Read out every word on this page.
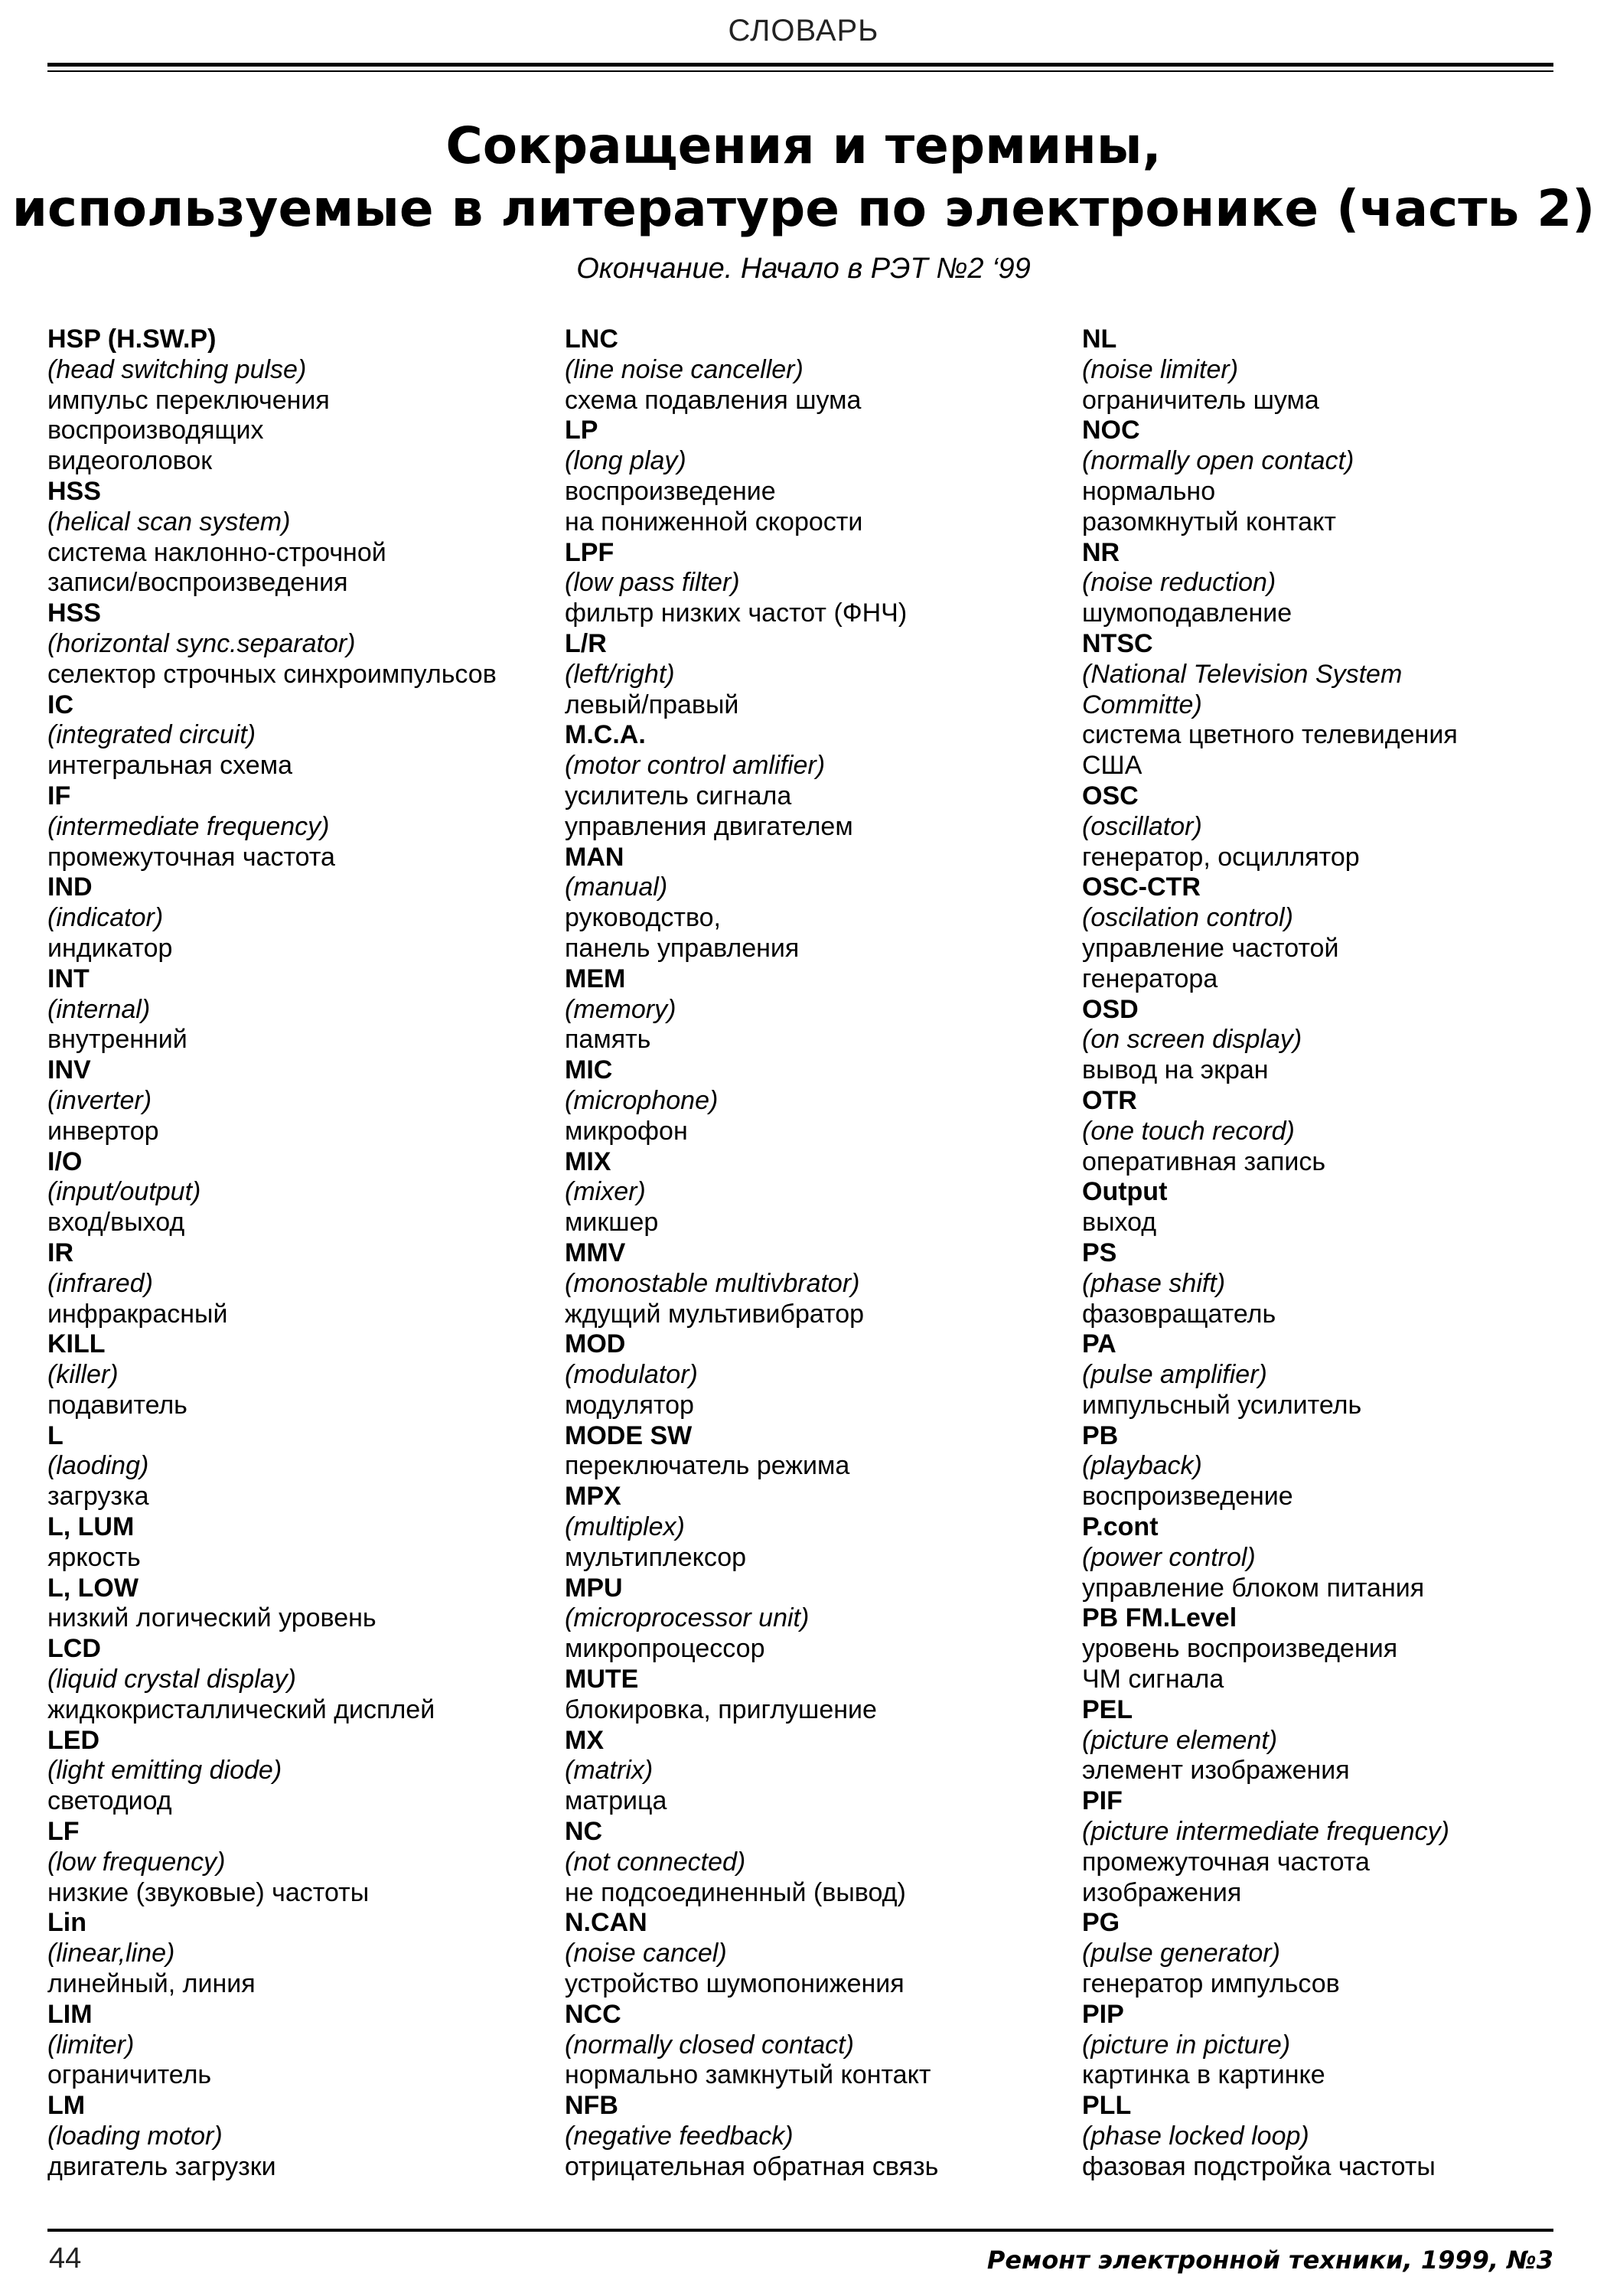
СЛОВАРЬ
Сокращения и термины,
используемые в литературе по электронике (часть 2)
Окончание. Начало в РЭТ №2 ‘99
HSP (H.SW.P)
(head switching pulse)
импульс переключения
воспроизводящих
видеоголовок
HSS
(helical scan system)
система наклонно-строчной
записи/воспроизведения
HSS
(horizontal sync.separator)
селектор строчных синхроимпульсов
IC
(integrated circuit)
интегральная схема
IF
(intermediate frequency)
промежуточная частота
IND
(indicator)
индикатор
INT
(internal)
внутренний
INV
(inverter)
инвертор
I/O
(input/output)
вход/выход
IR
(infrared)
инфракрасный
KILL
(killer)
подавитель
L
(laoding)
загрузка
L, LUM
яркость
L, LOW
низкий логический уровень
LCD
(liquid crystal display)
жидкокристаллический дисплей
LED
(light emitting diode)
светодиод
LF
(low frequency)
низкие (звуковые) частоты
Lin
(linear,line)
линейный, линия
LIM
(limiter)
ограничитель
LM
(loading motor)
двигатель загрузки
LNC
(line noise canceller)
схема подавления шума
LP
(long play)
воспроизведение
на пониженной скорости
LPF
(low pass filter)
фильтр низких частот (ФНЧ)
L/R
(left/right)
левый/правый
M.C.A.
(motor control amlifier)
усилитель сигнала
управления двигателем
MAN
(manual)
руководство,
панель управления
MEM
(memory)
память
MIC
(microphone)
микрофон
MIX
(mixer)
микшер
MMV
(monostable multivbrator)
ждущий мультивибратор
MOD
(modulator)
модулятор
MODE SW
переключатель режима
MPX
(multiplex)
мультиплексор
MPU
(microprocessor unit)
микропроцессор
MUTE
блокировка, приглушение
MX
(matrix)
матрица
NC
(not connected)
не подсоединенный (вывод)
N.CAN
(noise cancel)
устройство шумопонижения
NCC
(normally closed contact)
нормально замкнутый контакт
NFB
(negative feedback)
отрицательная обратная связь
NL
(noise limiter)
ограничитель шума
NOC
(normally open contact)
нормально
разомкнутый контакт
NR
(noise reduction)
шумоподавление
NTSC
(National Television System
Committe)
система цветного телевидения
США
OSC
(oscillator)
генератор, осциллятор
OSC-CTR
(oscilation control)
управление частотой
генератора
OSD
(on screen display)
вывод на экран
OTR
(one touch record)
оперативная запись
Output
выход
PS
(phase shift)
фазовращатель
PA
(pulse amplifier)
импульсный усилитель
PB
(playback)
воспроизведение
P.cont
(power control)
управление блоком питания
PB FM.Level
уровень воспроизведения
ЧМ сигнала
PEL
(picture element)
элемент изображения
PIF
(picture intermediate frequency)
промежуточная частота
изображения
PG
(pulse generator)
генератор импульсов
PIP
(picture in picture)
картинка в картинке
PLL
(phase locked loop)
фазовая подстройка частоты
44	Ремонт электронной техники, 1999, №3
